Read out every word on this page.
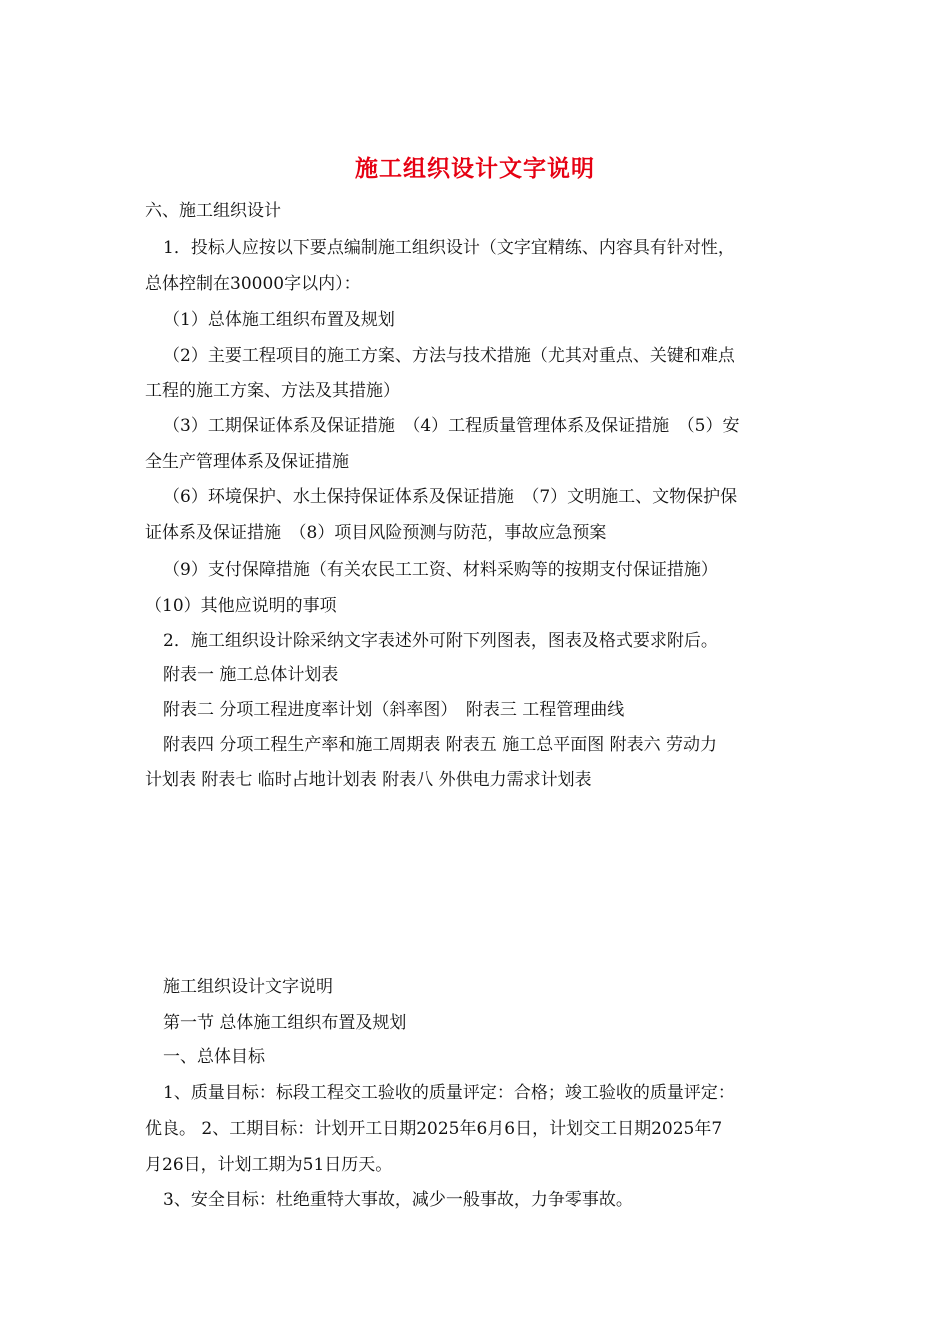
施工组织设计文字说明
六、施工组织设计
1．投标人应按以下要点编制施工组织设计（文字宜精练、内容具有针对性，
总体控制在30000字以内）：
（1）总体施工组织布置及规划
（2）主要工程项目的施工方案、方法与技术措施（尤其对重点、关键和难点
工程的施工方案、方法及其措施）
（3）工期保证体系及保证措施　（4）工程质量管理体系及保证措施　（5）安
全生产管理体系及保证措施
（6）环境保护、水土保持保证体系及保证措施　（7）文明施工、文物保护保
证体系及保证措施　（8）项目风险预测与防范，事故应急预案
（9）支付保障措施（有关农民工工资、材料采购等的按期支付保证措施）
（10）其他应说明的事项
2．施工组织设计除采纳文字表述外可附下列图表，图表及格式要求附后。
附表一 施工总体计划表
附表二 分项工程进度率计划（斜率图）　附表三 工程管理曲线
附表四 分项工程生产率和施工周期表 附表五 施工总平面图 附表六 劳动力
计划表 附表七 临时占地计划表 附表八 外供电力需求计划表
施工组织设计文字说明
第一节 总体施工组织布置及规划
一、总体目标
1、质量目标：标段工程交工验收的质量评定：合格；竣工验收的质量评定：
优良。 2、工期目标：计划开工日期2025年6月6日，计划交工日期2025年7
月26日，计划工期为51日历天。
3、安全目标：杜绝重特大事故，减少一般事故，力争零事故。
